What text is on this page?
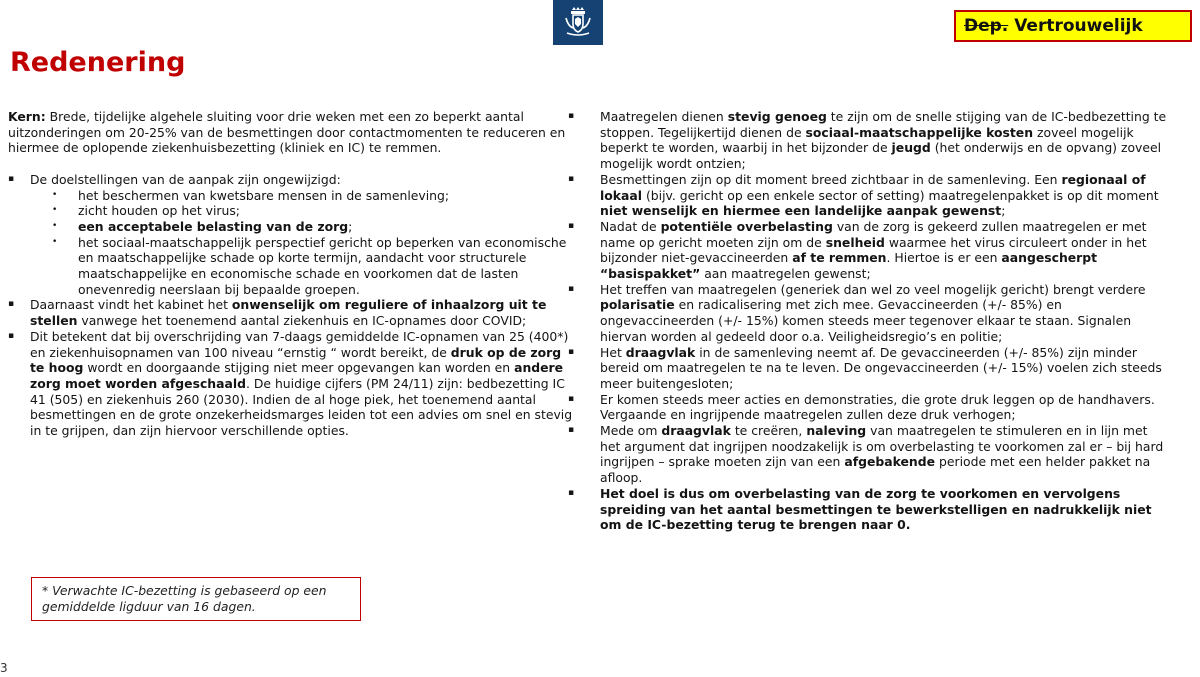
Dep. Vertrouwelijk
Redenering

Kern: Brede, tijdelijke algehele sluiting voor drie weken met een zo beperkt aantal uitzonderingen om 20-25% van de besmettingen door contactmomenten te reduceren en hiermee de oplopende ziekenhuisbezetting (kliniek en IC) te remmen.

▪ De doelstellingen van de aanpak zijn ongewijzigd:
• het beschermen van kwetsbare mensen in de samenleving;
• zicht houden op het virus;
• een acceptabele belasting van de zorg;
• het sociaal-maatschappelijk perspectief gericht op beperken van economische en maatschappelijke schade op korte termijn, aandacht voor structurele maatschappelijke en economische schade en voorkomen dat de lasten onevenredig neerslaan bij bepaalde groepen.
▪ Daarnaast vindt het kabinet het onwenselijk om reguliere of inhaalzorg uit te stellen vanwege het toenemend aantal ziekenhuis en IC-opnames door COVID;
▪ Dit betekent dat bij overschrijding van 7-daags gemiddelde IC-opnamen van 25 (400*) en ziekenhuisopnamen van 100 niveau “ernstig “ wordt bereikt, de druk op de zorg te hoog wordt en doorgaande stijging niet meer opgevangen kan worden en andere zorg moet worden afgeschaald. De huidige cijfers (PM 24/11) zijn: bedbezetting IC 41 (505) en ziekenhuis 260 (2030). Indien de al hoge piek, het toenemend aantal besmettingen en de grote onzekerheidsmarges leiden tot een advies om snel en stevig in te grijpen, dan zijn hiervoor verschillende opties.
▪ Maatregelen dienen stevig genoeg te zijn om de snelle stijging van de IC-bedbezetting te stoppen. Tegelijkertijd dienen de sociaal-maatschappelijke kosten zoveel mogelijk beperkt te worden, waarbij in het bijzonder de jeugd (het onderwijs en de opvang) zoveel mogelijk wordt ontzien;
▪ Besmettingen zijn op dit moment breed zichtbaar in de samenleving. Een regionaal of lokaal (bijv. gericht op een enkele sector of setting) maatregelenpakket is op dit moment niet wenselijk en hiermee een landelijke aanpak gewenst;
▪ Nadat de potentiële overbelasting van de zorg is gekeerd zullen maatregelen er met name op gericht moeten zijn om de snelheid waarmee het virus circuleert onder in het bijzonder niet-gevaccineerden af te remmen. Hiertoe is er een aangescherpt “basispakket” aan maatregelen gewenst;
▪ Het treffen van maatregelen (generiek dan wel zo veel mogelijk gericht) brengt verdere polarisatie en radicalisering met zich mee. Gevaccineerden (+/- 85%) en ongevaccineerden (+/- 15%) komen steeds meer tegenover elkaar te staan. Signalen hiervan worden al gedeeld door o.a. Veiligheidsregio’s en politie;
▪ Het draagvlak in de samenleving neemt af. De gevaccineerden (+/- 85%) zijn minder bereid om maatregelen te na te leven. De ongevaccineerden (+/- 15%) voelen zich steeds meer buitengesloten;
▪ Er komen steeds meer acties en demonstraties, die grote druk leggen op de handhavers. Vergaande en ingrijpende maatregelen zullen deze druk verhogen;
▪ Mede om draagvlak te creëren, naleving van maatregelen te stimuleren en in lijn met het argument dat ingrijpen noodzakelijk is om overbelasting te voorkomen zal er – bij hard ingrijpen – sprake moeten zijn van een afgebakende periode met een helder pakket na afloop.
▪ Het doel is dus om overbelasting van de zorg te voorkomen en vervolgens spreiding van het aantal besmettingen te bewerkstelligen en nadrukkelijk niet om de IC-bezetting terug te brengen naar 0.
* Verwachte IC-bezetting is gebaseerd op een gemiddelde ligduur van 16 dagen.
3
